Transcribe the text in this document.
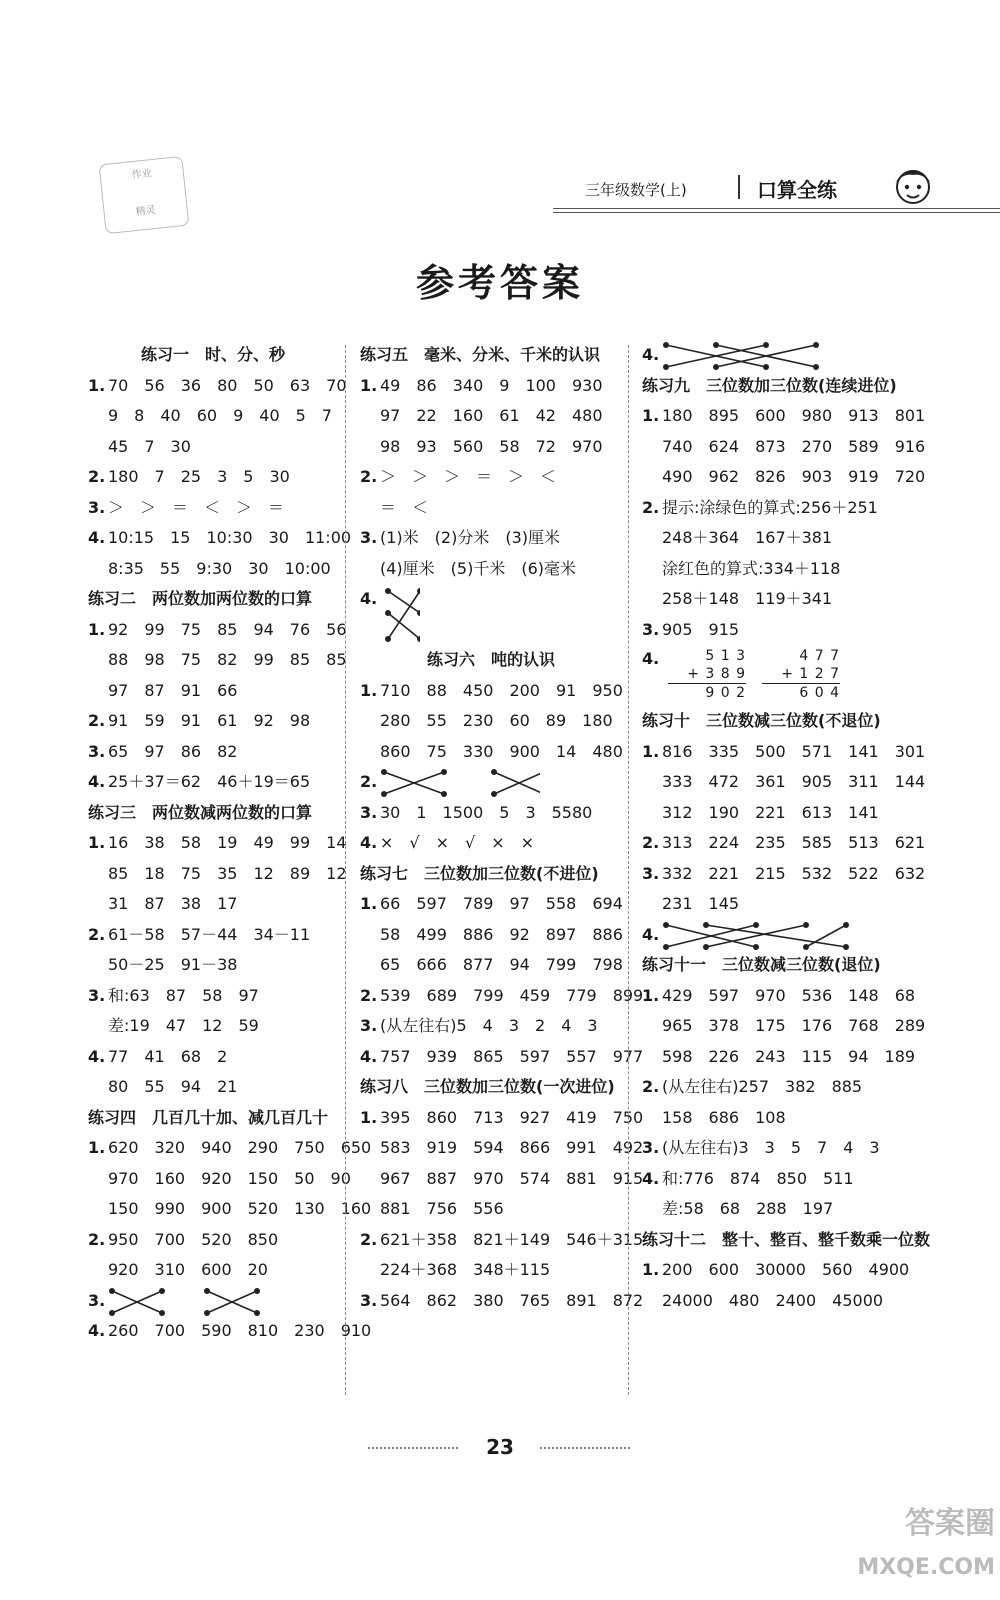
作业
精灵
三年级数学(上)	口算全练
参考答案
练习一　时、分、秒
1. 70　56　36　80　50　63　70
9　8　40　60　9　40　5　7
45　7　30
2. 180　7　25　3　5　30
3. ＞　＞　＝　＜　＞　＝
4. 10:15　15　10:30　30　11:00
8:35　55　9:30　30　10:00
练习二　两位数加两位数的口算
1. 92　99　75　85　94　76　56
88　98　75　82　99　85　85
97　87　91　66
2. 91　59　91　61　92　98
3. 65　97　86　82
4. 25＋37＝62　46＋19＝65
练习三　两位数减两位数的口算
1. 16　38　58　19　49　99　14
85　18　75　35　12　89　12
31　87　38　17
2. 61－58　57－44　34－11
50－25　91－38
3. 和:63　87　58　97
差:19　47　12　59
4. 77　41　68　2
80　55　94　21
练习四　几百几十加、减几百几十
1. 620　320　940　290　750　650
970　160　920　150　50　90
150　990　900　520　130　160
2. 950　700　520　850
920　310　600　20
3.
4. 260　700　590　810　230　910
练习五　毫米、分米、千米的认识
1. 49　86　340　9　100　930
97　22　160　61　42　480
98　93　560　58　72　970
2. ＞　＞　＞　＝　＞　＜
＝　＜
3. (1)米　(2)分米　(3)厘米
(4)厘米　(5)千米　(6)毫米
4.
练习六　吨的认识
1. 710　88　450　200　91　950
280　55　230　60　89　180
860　75　330　900　14　480
2.
3. 30　1　1500　5　3　5580
4. ×　√　×　√　×　×
练习七　三位数加三位数(不进位)
1. 66　597　789　97　558　694
58　499　886　92　897　886
65　666　877　94　799　798
2. 539　689　799　459　779　899
3. (从左往右)5　4　3　2　4　3
4. 757　939　865　597　557　977
练习八　三位数加三位数(一次进位)
1. 395　860　713　927　419　750
583　919　594　866　991　492
967　887　970　574　881　915
881　756　556
2. 621＋358　821＋149　546＋315
224＋368　348＋115
3. 564　862　380　765　891　872
4.
练习九　三位数加三位数(连续进位)
1. 180　895　600　980　913　801
740　624　873　270　589　916
490　962　826　903　919　720
2. 提示:涂绿色的算式:256＋251
248＋364　167＋381
涂红色的算式:334＋118
258＋148　119＋341
3. 905　915
4.	5 1 3
+ 3 8 9
9 0 2
4 7 7
+ 1 2 7
6 0 4
练习十　三位数减三位数(不退位)
1. 816　335　500　571　141　301
333　472　361　905　311　144
312　190　221　613　141
2. 313　224　235　585　513　621
3. 332　221　215　532　522　632
231　145
4.
练习十一　三位数减三位数(退位)
1. 429　597　970　536　148　68
965　378　175　176　768　289
598　226　243　115　94　189
2. (从左往右)257　382　885
158　686　108
3. (从左往右)3　3　5　7　4　3
4. 和:776　874　850　511
差:58　68　288　197
练习十二　整十、整百、整千数乘一位数
1. 200　600　30000　560　4900
24000　480　2400　45000
23
答案圈
MXQE.COM
